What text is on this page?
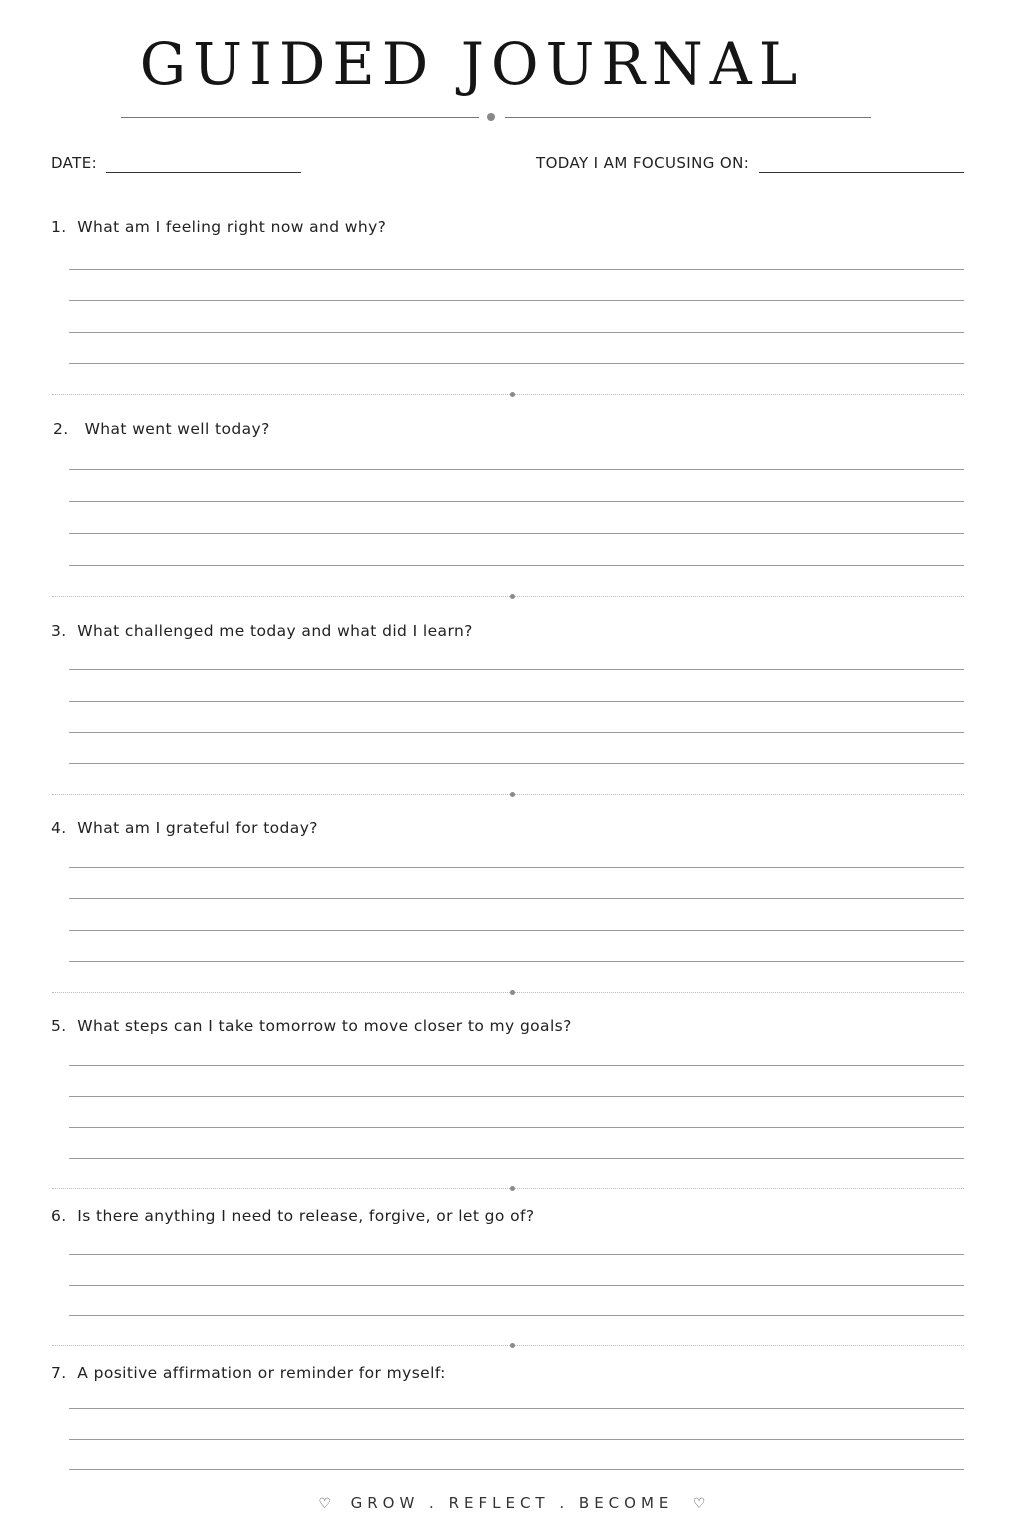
GUIDED JOURNAL
DATE:	TODAY I AM FOCUSING ON:
1. What am I feeling right now and why?
2. What went well today?
3. What challenged me today and what did I learn?
4. What am I grateful for today?
5. What steps can I take tomorrow to move closer to my goals?
6. Is there anything I need to release, forgive, or let go of?
7. A positive affirmation or reminder for myself:
♡ GROW . REFLECT . BECOME ♡
